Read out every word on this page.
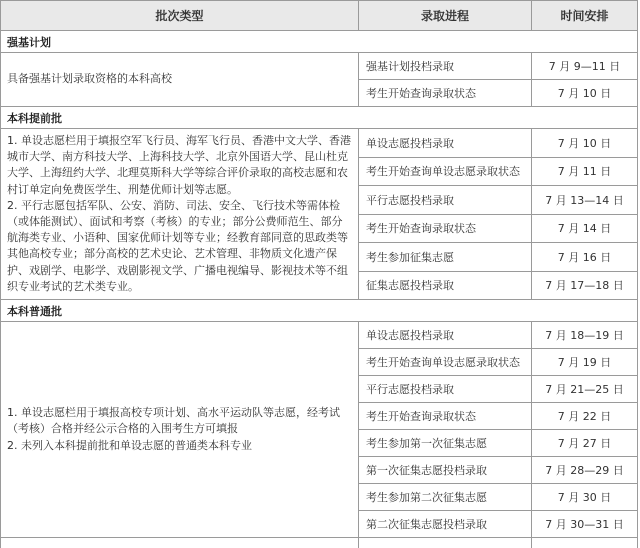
批次类型	录取进程	时间安排
强基计划		

具备强基计划录取资格的本科高校	强基计划投档录取	7 月 9—11 日
	考生开始查询录取状态	7 月 10 日
本科提前批		

1. 单设志愿栏用于填报空军飞行员、海军飞行员、香港中文大学、香港城市大学、南方科技大学、上海科技大学、北京外国语大学、昆山杜克大学、上海纽约大学、北理莫斯科大学等综合评价录取的高校志愿和农村订单定向免费医学生、刑楚优师计划等志愿。
2. 平行志愿包括军队、公安、消防、司法、安全、飞行技术等需体检（或体能测试）、面试和考察（考核）的专业；部分公费师范生、部分航海类专业、小语种、国家优师计划等专业；经教育部同意的思政类等其他高校专业；部分高校的艺术史论、艺术管理、非物质文化遗产保护、戏剧学、电影学、戏剧影视文学、广播电视编导、影视技术等不组织专业考试的艺术类专业。	单设志愿投档录取	7 月 10 日
	考生开始查询单设志愿录取状态	7 月 11 日
	平行志愿投档录取	7 月 13—14 日
	考生开始查询录取状态	7 月 14 日
	考生参加征集志愿	7 月 16 日
	征集志愿投档录取	7 月 17—18 日
本科普通批		

1. 单设志愿栏用于填报高校专项计划、高水平运动队等志愿，经考试（考核）合格并经公示合格的入围考生方可填报
2. 未列入本科提前批和单设志愿的普通类本科专业	单设志愿投档录取	7 月 18—19 日
	考生开始查询单设志愿录取状态	7 月 19 日
	平行志愿投档录取	7 月 21—25 日
	考生开始查询录取状态	7 月 22 日
	考生参加第一次征集志愿	7 月 27 日
	第一次征集志愿投档录取	7 月 28—29 日
	考生参加第二次征集志愿	7 月 30 日
	第二次征集志愿投档录取	7 月 30—31 日
